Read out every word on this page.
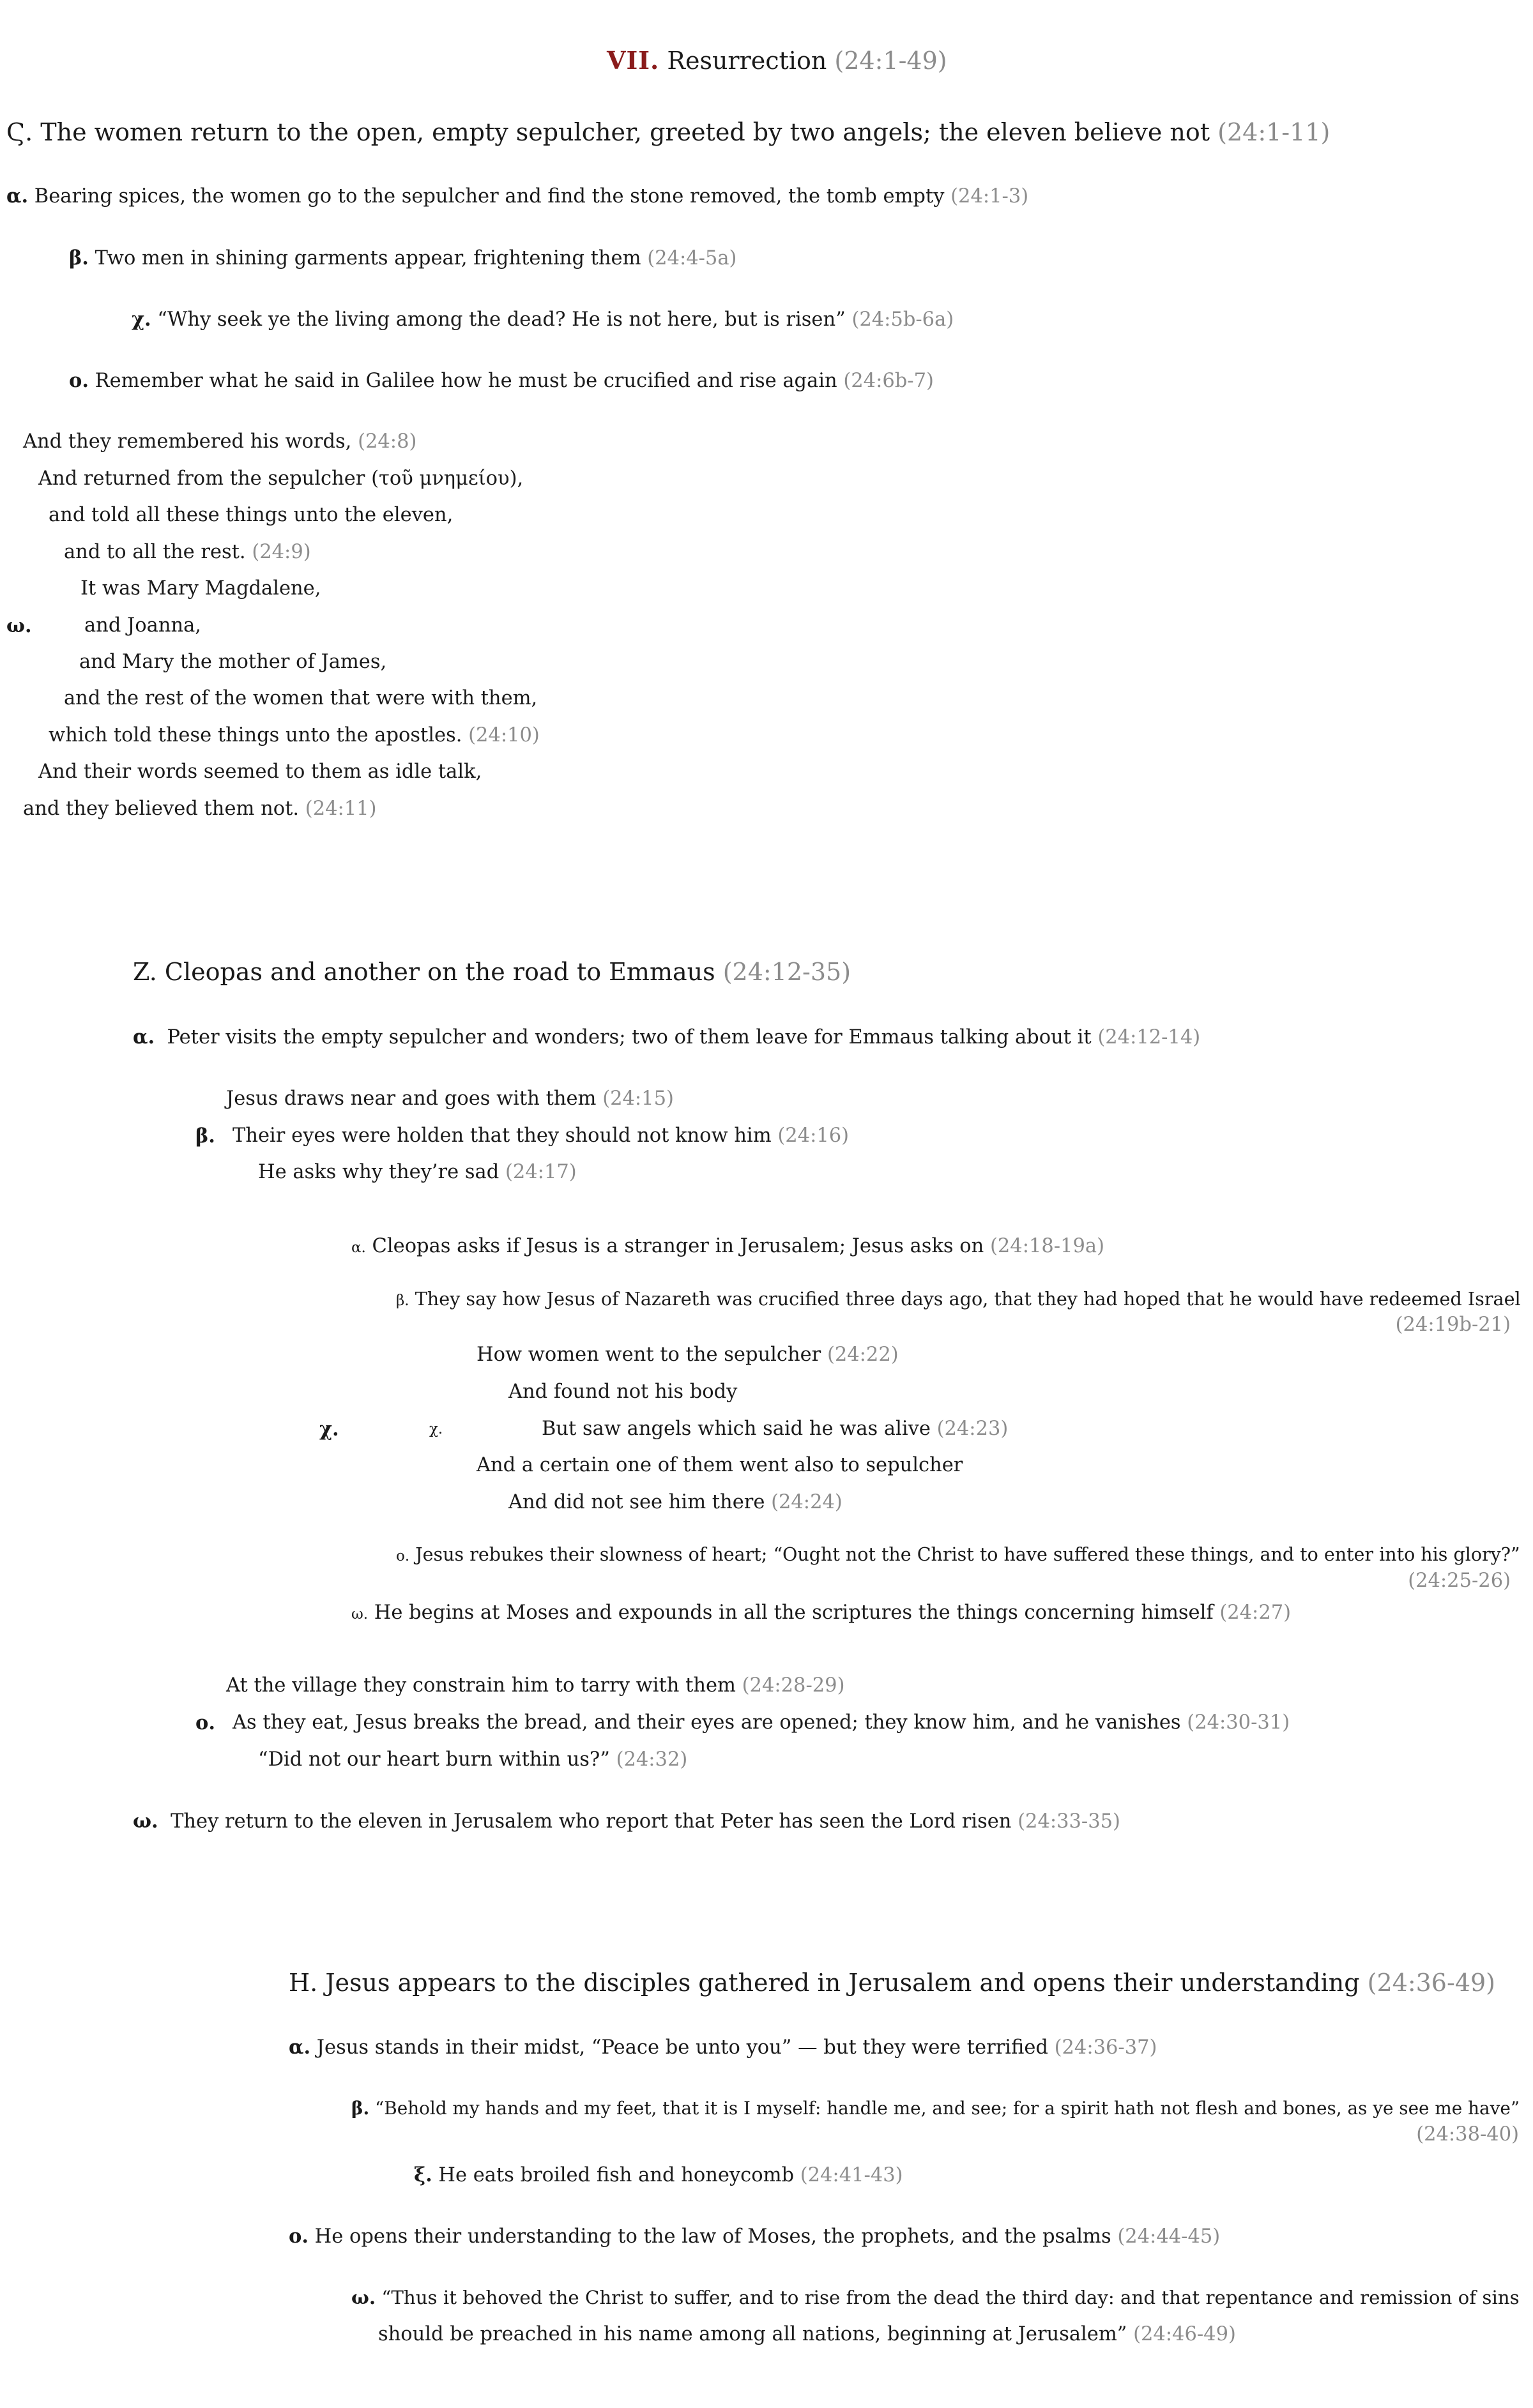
VII. Resurrection (24:1-49)
Ϛ. The women return to the open, empty sepulcher, greeted by two angels; the eleven believe not (24:1-11)
α. Bearing spices, the women go to the sepulcher and find the stone removed, the tomb empty (24:1-3)
β. Two men in shining garments appear, frightening them (24:4-5a)
χ. “Why seek ye the living among the dead? He is not here, but is risen” (24:5b-6a)
ο. Remember what he said in Galilee how he must be crucified and rise again (24:6b-7)
ω.
And they remembered his words, (24:8)
And returned from the sepulcher (τοῦ μνημείου),
and told all these things unto the eleven,
and to all the rest. (24:9)
It was Mary Magdalene,
and Joanna,
and Mary the mother of James,
and the rest of the women that were with them,
which told these things unto the apostles. (24:10)
And their words seemed to them as idle talk,
and they believed them not. (24:11)
Z. Cleopas and another on the road to Emmaus (24:12-35)
α. Peter visits the empty sepulcher and wonders; two of them leave for Emmaus talking about it (24:12-14)
β.
Jesus draws near and goes with them (24:15)
Their eyes were holden that they should not know him (24:16)
He asks why they’re sad (24:17)
χ.
α. Cleopas asks if Jesus is a stranger in Jerusalem; Jesus asks on (24:18-19a)
β. They say how Jesus of Nazareth was crucified three days ago, that they had hoped that he would have redeemed Israel
(24:19b-21)
χ.
How women went to the sepulcher (24:22)
And found not his body
But saw angels which said he was alive (24:23)
And a certain one of them went also to sepulcher
And did not see him there (24:24)
ο. Jesus rebukes their slowness of heart; “Ought not the Christ to have suffered these things, and to enter into his glory?”
(24:25-26)
ω. He begins at Moses and expounds in all the scriptures the things concerning himself (24:27)
ο.
At the village they constrain him to tarry with them (24:28-29)
As they eat, Jesus breaks the bread, and their eyes are opened; they know him, and he vanishes (24:30-31)
“Did not our heart burn within us?” (24:32)
ω. They return to the eleven in Jerusalem who report that Peter has seen the Lord risen (24:33-35)
H. Jesus appears to the disciples gathered in Jerusalem and opens their understanding (24:36-49)
α. Jesus stands in their midst, “Peace be unto you” — but they were terrified (24:36-37)
β. “Behold my hands and my feet, that it is I myself: handle me, and see; for a spirit hath not flesh and bones, as ye see me have”
(24:38-40)
ξ. He eats broiled fish and honeycomb (24:41-43)
ο. He opens their understanding to the law of Moses, the prophets, and the psalms (24:44-45)
ω. “Thus it behoved the Christ to suffer, and to rise from the dead the third day: and that repentance and remission of sins
should be preached in his name among all nations, beginning at Jerusalem” (24:46-49)
